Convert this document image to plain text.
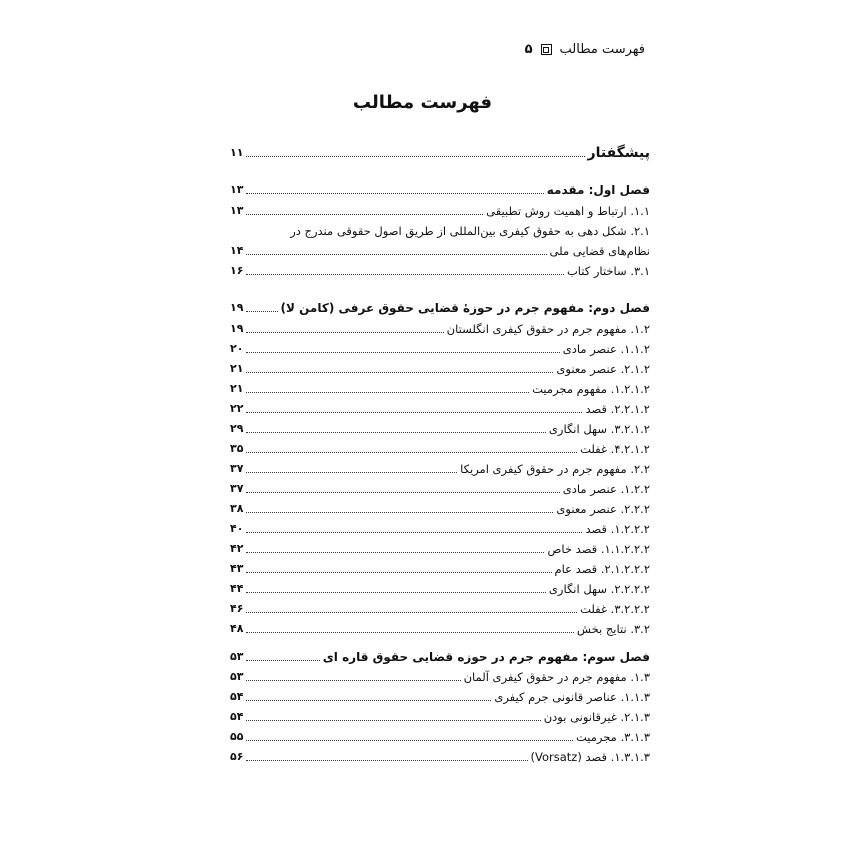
فهرست مطالب
۵
فهرست مطالب
پیشگفتار
۱۱
فصل اول: مقدمه
۱۳
۱.۱. ارتباط و اهمیت روش تطبیقی
۱۳
۲.۱. شکل دهی به حقوق کیفری بین‌المللی از طریق اصول حقوقی مندرج در
نظام‌های قضایی ملی
۱۴
۳.۱. ساختار کتاب
۱۶
فصل دوم: مفهوم جرم در حوزهٔ قضایی حقوق عرفی (کامن لا)
۱۹
۱.۲. مفهوم جرم در حقوق کیفری انگلستان
۱۹
۱.۱.۲. عنصر مادی
۲۰
۲.۱.۲. عنصر معنوی
۲۱
۱.۲.۱.۲. مفهوم مجرمیت
۲۱
۲.۲.۱.۲. قصد
۲۲
۳.۲.۱.۲. سهل انگاری
۲۹
۴.۲.۱.۲. غفلت
۳۵
۲.۲. مفهوم جرم در حقوق کیفری امریکا
۳۷
۱.۲.۲. عنصر مادی
۳۷
۲.۲.۲. عنصر معنوی
۳۸
۱.۲.۲.۲. قصد
۴۰
۱.۱.۲.۲.۲. قصد خاص
۴۲
۲.۱.۲.۲.۲. قصد عام
۴۳
۲.۲.۲.۲. سهل انگاری
۴۴
۳.۲.۲.۲. غفلت
۴۶
۳.۲. نتایج بخش
۴۸
فصل سوم: مفهوم جرم در حوزه قضایی حقوق قاره ای
۵۳
۱.۳. مفهوم جرم در حقوق کیفری آلمان
۵۳
۱.۱.۳. عناصر قانونی جرم کیفری
۵۴
۲.۱.۳. غیرقانونی بودن
۵۴
۳.۱.۳. مجرمیت
۵۵
۱.۳.۱.۳. قصد (Vorsatz)
۵۶
